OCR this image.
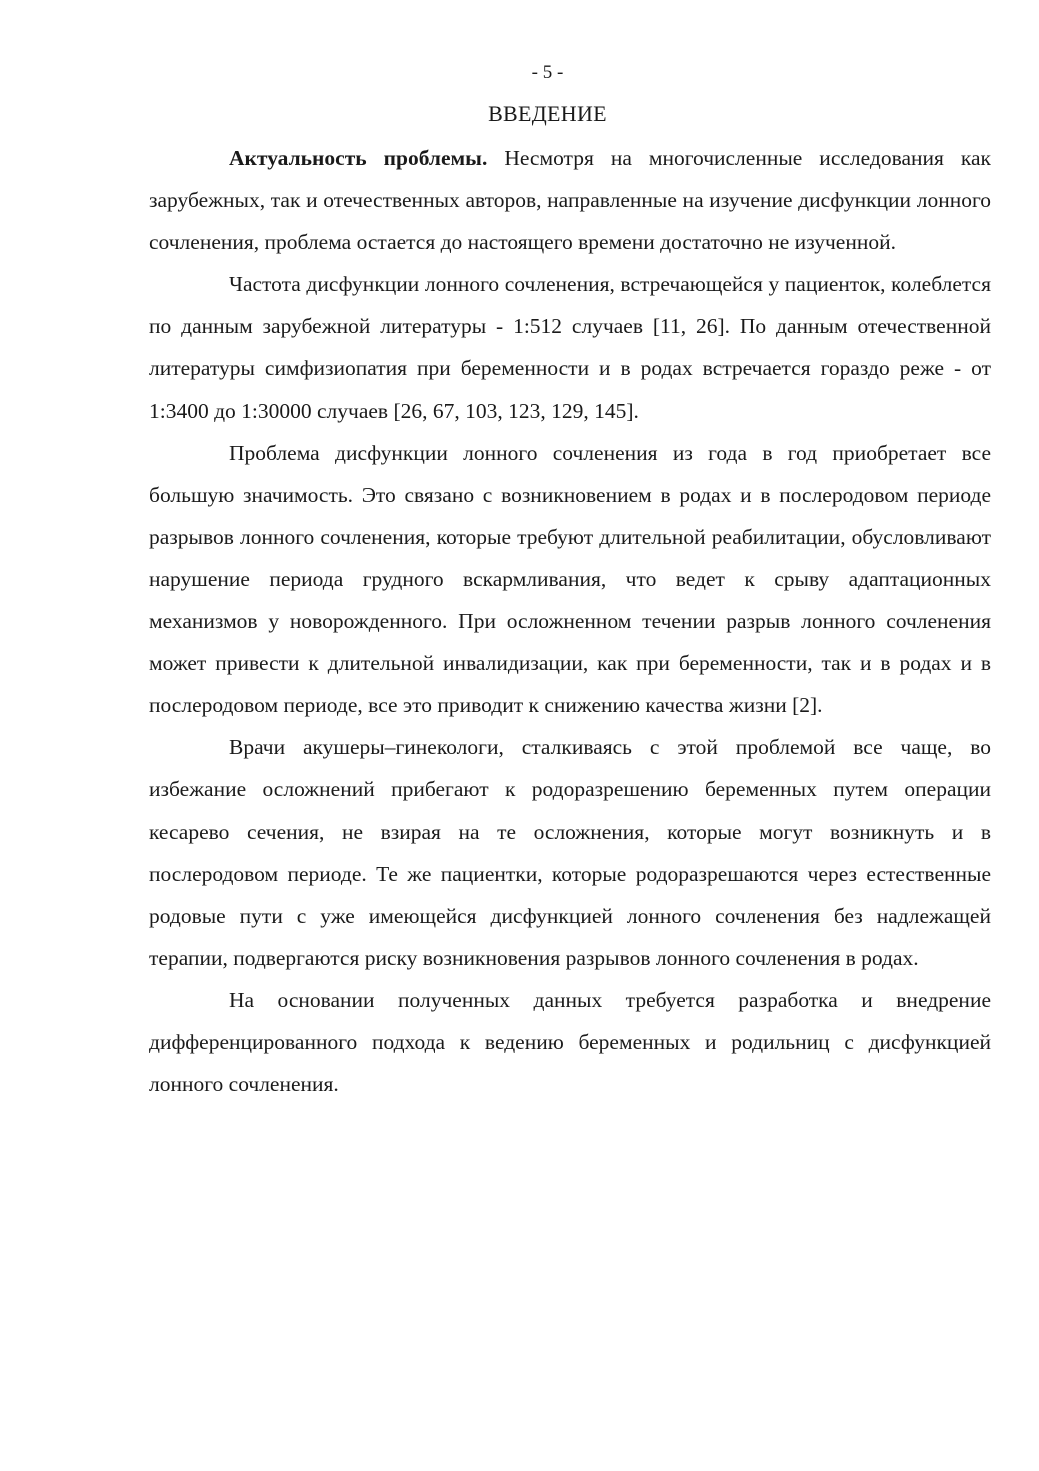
- 5 -
ВВЕДЕНИЕ

Актуальность проблемы. Несмотря на многочисленные исследования как зарубежных, так и отечественных авторов, направленные на изучение дисфункции лонного сочленения, проблема остается до настоящего времени достаточно не изученной.

Частота дисфункции лонного сочленения, встречающейся у пациенток, колеблется по данным зарубежной литературы - 1:512 случаев [11, 26]. По данным отечественной литературы симфизиопатия при беременности и в родах встречается гораздо реже - от 1:3400 до 1:30000 случаев [26, 67, 103, 123, 129, 145].

Проблема дисфункции лонного сочленения из года в год приобретает все большую значимость. Это связано с возникновением в родах и в послеродовом периоде разрывов лонного сочленения, которые требуют длительной реабилитации, обусловливают нарушение периода грудного вскармливания, что ведет к срыву адаптационных механизмов у новорожденного. При осложненном течении разрыв лонного сочленения может привести к длительной инвалидизации, как при беременности, так и в родах и в послеродовом периоде, все это приводит к снижению качества жизни [2].

Врачи акушеры–гинекологи, сталкиваясь с этой проблемой все чаще, во избежание осложнений прибегают к родоразрешению беременных путем операции кесарево сечения, не взирая на те осложнения, которые могут возникнуть и в послеродовом периоде. Те же пациентки, которые родоразрешаются через естественные родовые пути с уже имеющейся дисфункцией лонного сочленения без надлежащей терапии, подвергаются риску возникновения разрывов лонного сочленения в родах.

На основании полученных данных требуется разработка и внедрение дифференцированного подхода к ведению беременных и родильниц с дисфункцией лонного сочленения.
